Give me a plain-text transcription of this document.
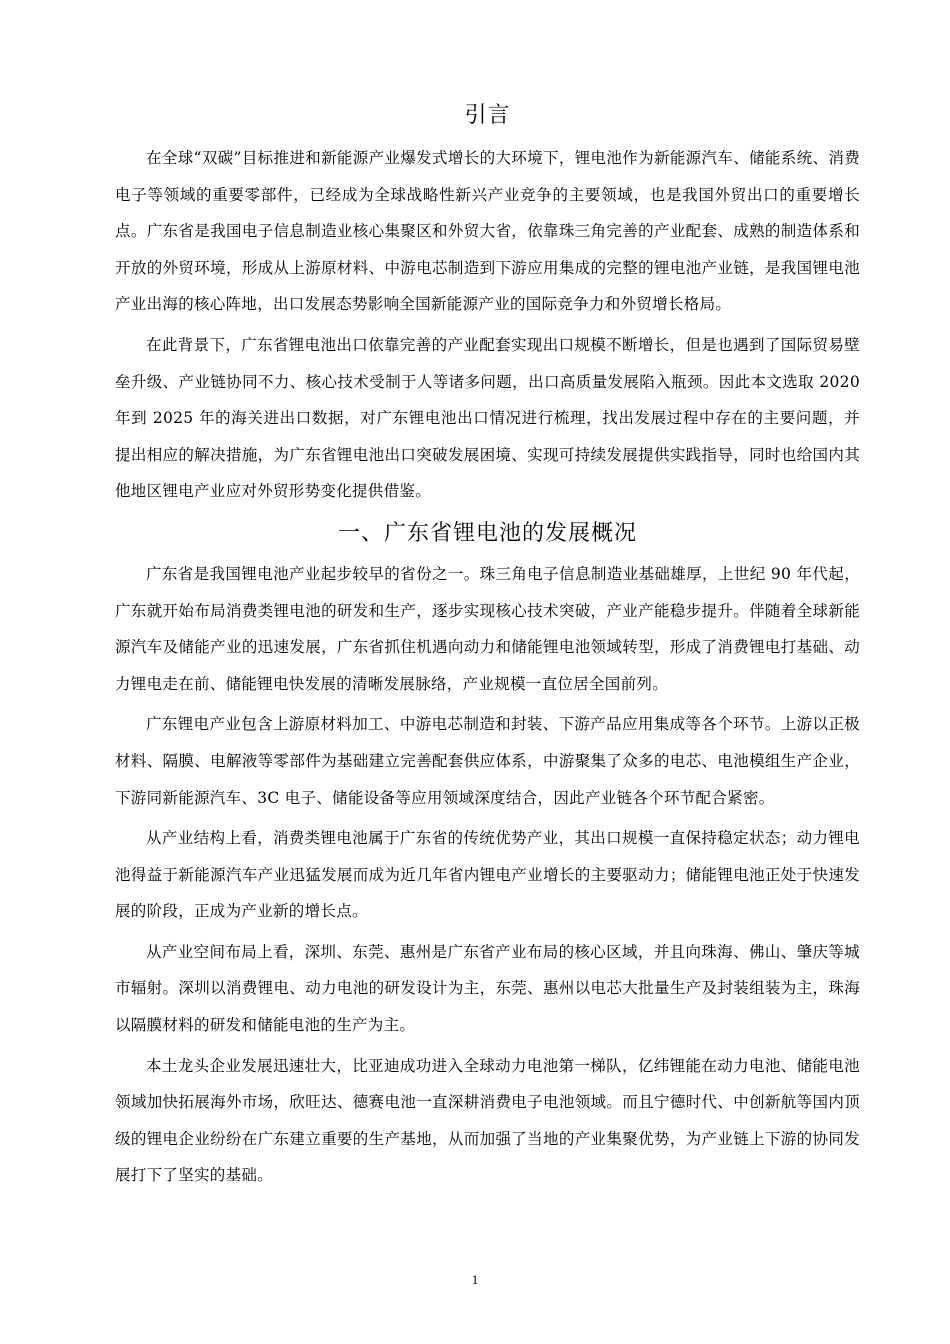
引言

在全球“双碳”目标推进和新能源产业爆发式增长的大环境下，锂电池作为新能源汽车、储能系统、消费电子等领域的重要零部件，已经成为全球战略性新兴产业竞争的主要领域，也是我国外贸出口的重要增长点。广东省是我国电子信息制造业核心集聚区和外贸大省，依靠珠三角完善的产业配套、成熟的制造体系和开放的外贸环境，形成从上游原材料、中游电芯制造到下游应用集成的完整的锂电池产业链，是我国锂电池产业出海的核心阵地，出口发展态势影响全国新能源产业的国际竞争力和外贸增长格局。

在此背景下，广东省锂电池出口依靠完善的产业配套实现出口规模不断增长，但是也遇到了国际贸易壁垒升级、产业链协同不力、核心技术受制于人等诸多问题，出口高质量发展陷入瓶颈。因此本文选取 2020 年到 2025 年的海关进出口数据，对广东锂电池出口情况进行梳理，找出发展过程中存在的主要问题，并提出相应的解决措施，为广东省锂电池出口突破发展困境、实现可持续发展提供实践指导，同时也给国内其他地区锂电产业应对外贸形势变化提供借鉴。

一、广东省锂电池的发展概况

广东省是我国锂电池产业起步较早的省份之一。珠三角电子信息制造业基础雄厚，上世纪 90 年代起，广东就开始布局消费类锂电池的研发和生产，逐步实现核心技术突破，产业产能稳步提升。伴随着全球新能源汽车及储能产业的迅速发展，广东省抓住机遇向动力和储能锂电池领域转型，形成了消费锂电打基础、动力锂电走在前、储能锂电快发展的清晰发展脉络，产业规模一直位居全国前列。

广东锂电产业包含上游原材料加工、中游电芯制造和封装、下游产品应用集成等各个环节。上游以正极材料、隔膜、电解液等零部件为基础建立完善配套供应体系，中游聚集了众多的电芯、电池模组生产企业，下游同新能源汽车、3C 电子、储能设备等应用领域深度结合，因此产业链各个环节配合紧密。

从产业结构上看，消费类锂电池属于广东省的传统优势产业，其出口规模一直保持稳定状态；动力锂电池得益于新能源汽车产业迅猛发展而成为近几年省内锂电产业增长的主要驱动力；储能锂电池正处于快速发展的阶段，正成为产业新的增长点。

从产业空间布局上看，深圳、东莞、惠州是广东省产业布局的核心区域，并且向珠海、佛山、肇庆等城市辐射。深圳以消费锂电、动力电池的研发设计为主，东莞、惠州以电芯大批量生产及封装组装为主，珠海以隔膜材料的研发和储能电池的生产为主。

本土龙头企业发展迅速壮大，比亚迪成功进入全球动力电池第一梯队，亿纬锂能在动力电池、储能电池领域加快拓展海外市场，欣旺达、德赛电池一直深耕消费电子电池领域。而且宁德时代、中创新航等国内顶级的锂电企业纷纷在广东建立重要的生产基地，从而加强了当地的产业集聚优势，为产业链上下游的协同发展打下了坚实的基础。

1
